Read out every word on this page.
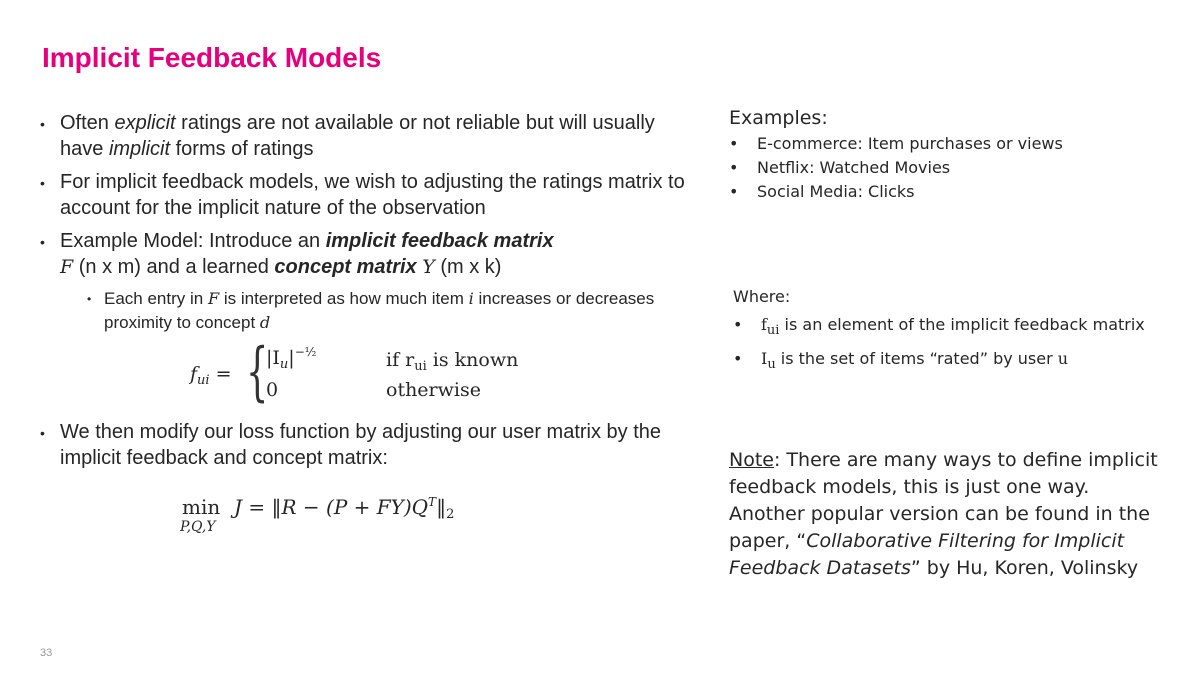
Implicit Feedback Models
• Often explicit ratings are not available or not reliable but will usually have implicit forms of ratings
• For implicit feedback models, we wish to adjusting the ratings matrix to account for the implicit nature of the observation
• Example Model: Introduce an implicit feedback matrix
F (n x m) and a learned concept matrix Y (m x k)
• Each entry in F is interpreted as how much item i increases or decreases proximity to concept d
$f_{ui}$ = {
$|I_u|^{-\frac{1}{2}}$
0
if $r_{ui}$ is known
otherwise
• We then modify our loss function by adjusting our user matrix by the implicit feedback and concept matrix:
min
P,Q,Y
J = ‖R − $(P + FY)Q^T‖_2$
Examples:
• E-commerce: Item purchases or views
• Netflix: Watched Movies
• Social Media: Clicks
Where:
• $f_{ui}$ is an element of the implicit feedback matrix
• $I_u$ is the set of items “rated” by user u
Note: There are many ways to define implicit feedback models, this is just one way. Another popular version can be found in the paper, “Collaborative Filtering for Implicit Feedback Datasets” by Hu, Koren, Volinsky
33
